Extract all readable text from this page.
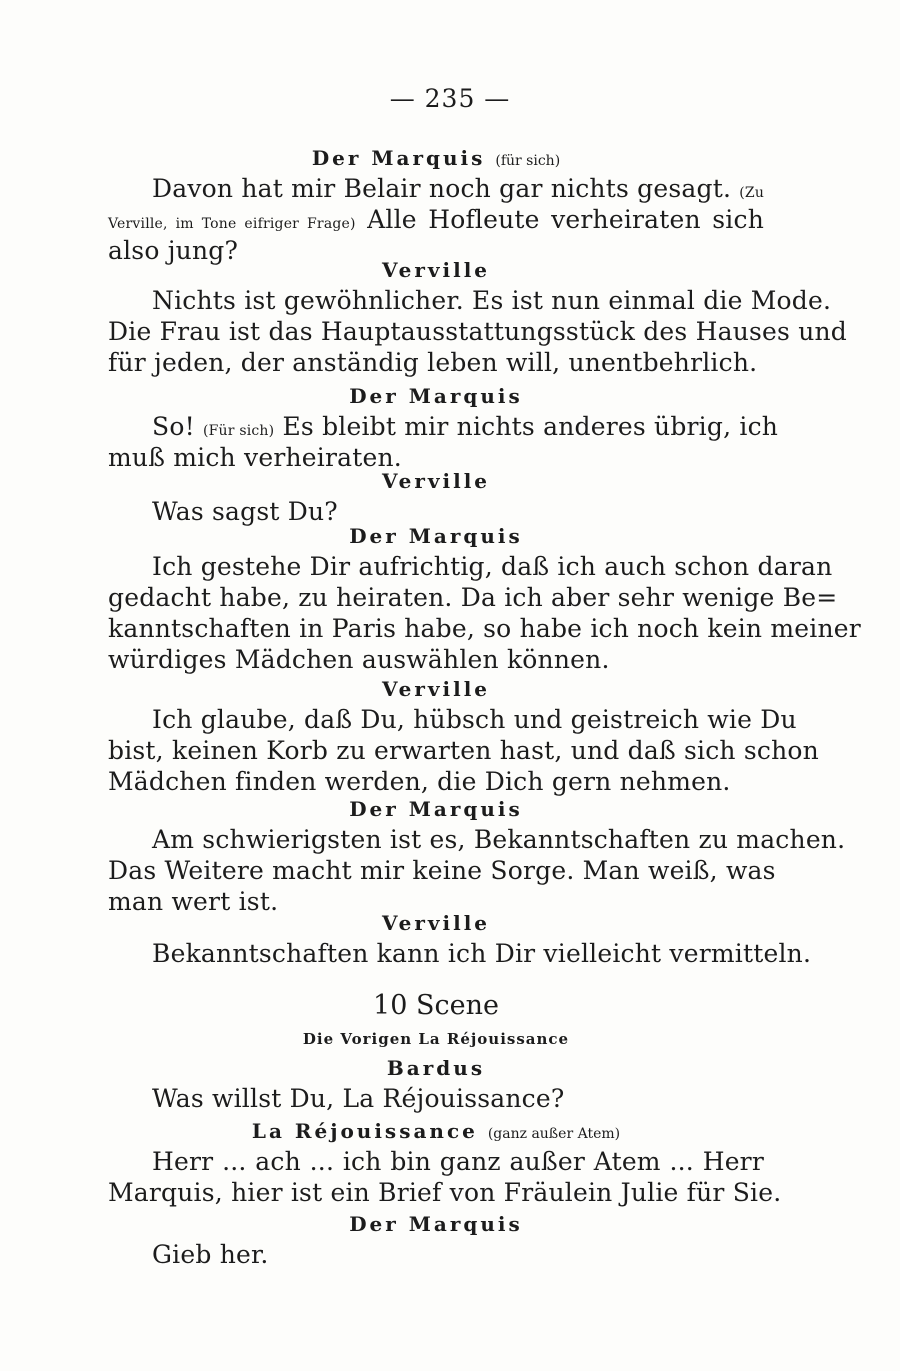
— 235 —
Der Marquis (für sich)
Davon hat mir Belair noch gar nichts gesagt. (Zu
Verville, im Tone eifriger Frage) Alle Hofleute verheiraten sich
also jung?
Verville
Nichts ist gewöhnlicher. Es ist nun einmal die Mode.
Die Frau ist das Hauptausstattungsstück des Hauses und
für jeden, der anständig leben will, unentbehrlich.
Der Marquis
So! (Für sich) Es bleibt mir nichts anderes übrig, ich
muß mich verheiraten.
Verville
Was sagst Du?
Der Marquis
Ich gestehe Dir aufrichtig, daß ich auch schon daran
gedacht habe, zu heiraten. Da ich aber sehr wenige Be=
kanntschaften in Paris habe, so habe ich noch kein meiner
würdiges Mädchen auswählen können.
Verville
Ich glaube, daß Du, hübsch und geistreich wie Du
bist, keinen Korb zu erwarten hast, und daß sich schon
Mädchen finden werden, die Dich gern nehmen.
Der Marquis
Am schwierigsten ist es, Bekanntschaften zu machen.
Das Weitere macht mir keine Sorge. Man weiß, was
man wert ist.
Verville
Bekanntschaften kann ich Dir vielleicht vermitteln.
10 Scene
Die Vorigen La Réjouissance
Bardus
Was willst Du, La Réjouissance?
La Réjouissance (ganz außer Atem)
Herr ... ach ... ich bin ganz außer Atem ... Herr
Marquis, hier ist ein Brief von Fräulein Julie für Sie.
Der Marquis
Gieb her.
